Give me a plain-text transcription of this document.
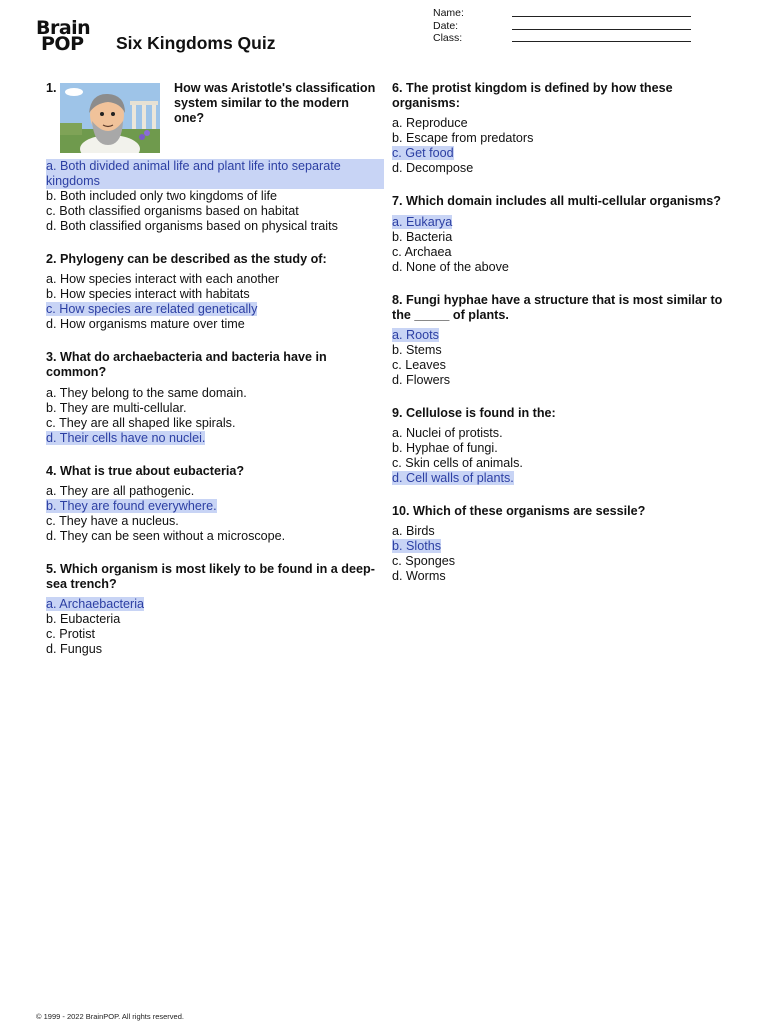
Brain

POP	Six Kingdoms Quiz
Name:
Date:
Class:
1.	How was Aristotle's classification system similar to the modern one?
a. Both divided animal life and plant life into separate kingdoms
b. Both included only two kingdoms of life
c. Both classified organisms based on habitat
d. Both classified organisms based on physical traits
2. Phylogeny can be described as the study of:
a. How species interact with each another
b. How species interact with habitats
c. How species are related genetically
d. How organisms mature over time
3. What do archaebacteria and bacteria have in common?
a. They belong to the same domain.
b. They are multi-cellular.
c. They are all shaped like spirals.
d. Their cells have no nuclei.
4. What is true about eubacteria?
a. They are all pathogenic.
b. They are found everywhere.
c. They have a nucleus.
d. They can be seen without a microscope.
5. Which organism is most likely to be found in a deep-sea trench?
a. Archaebacteria
b. Eubacteria
c. Protist
d. Fungus
6. The protist kingdom is defined by how these organisms:
a. Reproduce
b. Escape from predators
c. Get food
d. Decompose
7. Which domain includes all multi-cellular organisms?
a. Eukarya
b. Bacteria
c. Archaea
d. None of the above
8. Fungi hyphae have a structure that is most similar to the _____ of plants.
a. Roots
b. Stems
c. Leaves
d. Flowers
9. Cellulose is found in the:
a. Nuclei of protists.
b. Hyphae of fungi.
c. Skin cells of animals.
d. Cell walls of plants.
10. Which of these organisms are sessile?
a. Birds
b. Sloths
c. Sponges
d. Worms
© 1999 - 2022 BrainPOP. All rights reserved.
